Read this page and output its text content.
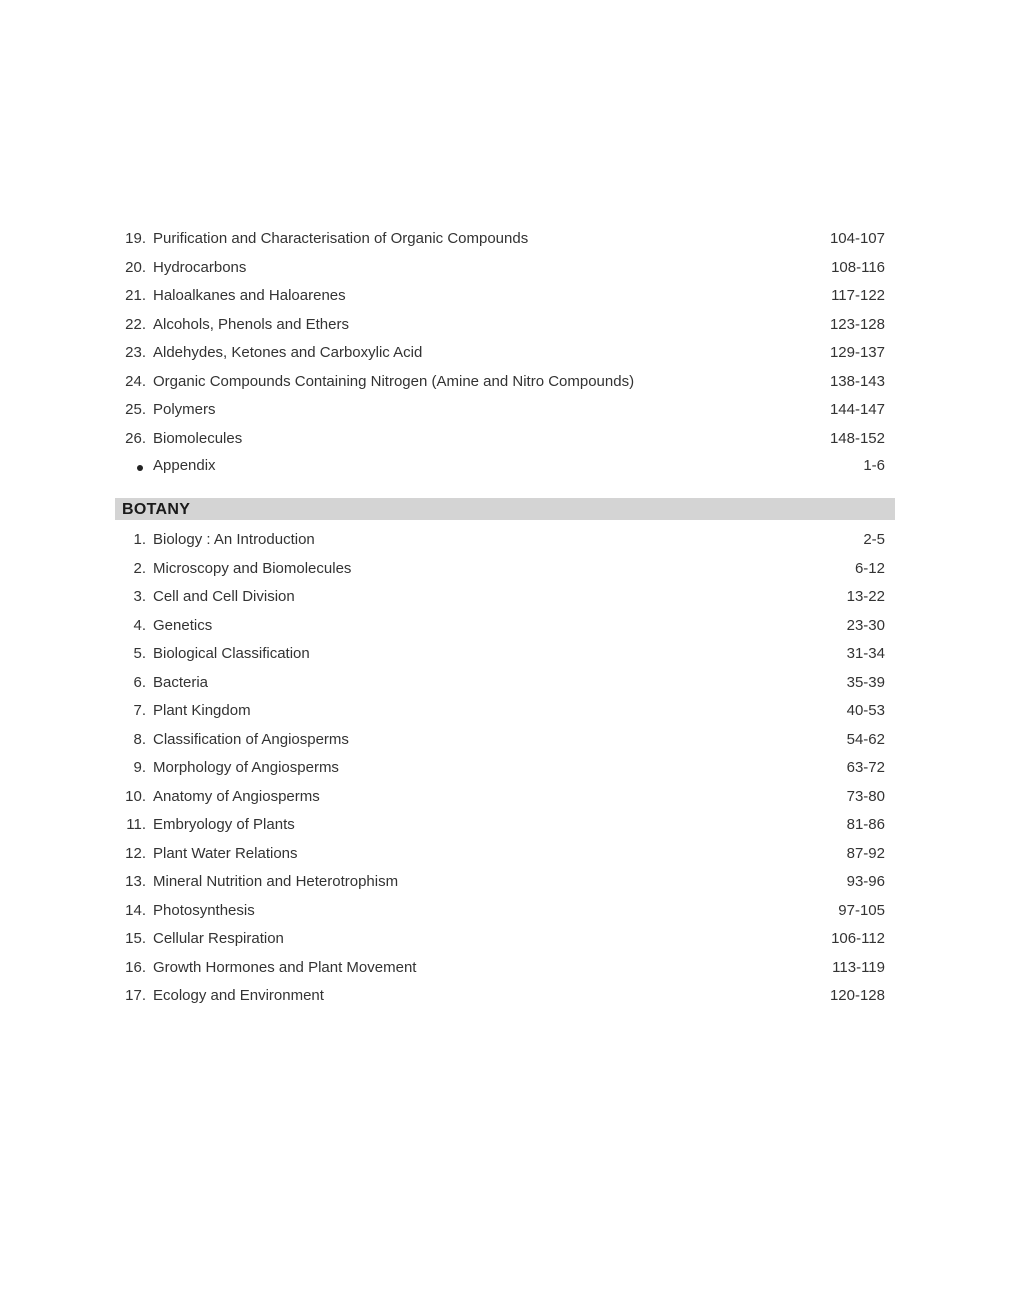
19. Purification and Characterisation of Organic Compounds	104-107
20. Hydrocarbons	108-116
21. Haloalkanes and Haloarenes	117-122
22. Alcohols, Phenols and Ethers	123-128
23. Aldehydes, Ketones and Carboxylic Acid	129-137
24. Organic Compounds Containing Nitrogen (Amine and Nitro Compounds)	138-143
25. Polymers	144-147
26. Biomolecules	148-152
Appendix	1-6
BOTANY
1. Biology : An Introduction	2-5
2. Microscopy and Biomolecules	6-12
3. Cell and Cell Division	13-22
4. Genetics	23-30
5. Biological Classification	31-34
6. Bacteria	35-39
7. Plant Kingdom	40-53
8. Classification of Angiosperms	54-62
9. Morphology of Angiosperms	63-72
10. Anatomy of Angiosperms	73-80
11. Embryology of Plants	81-86
12. Plant Water Relations	87-92
13. Mineral Nutrition and Heterotrophism	93-96
14. Photosynthesis	97-105
15. Cellular Respiration	106-112
16. Growth Hormones and Plant Movement	113-119
17. Ecology and Environment	120-128
